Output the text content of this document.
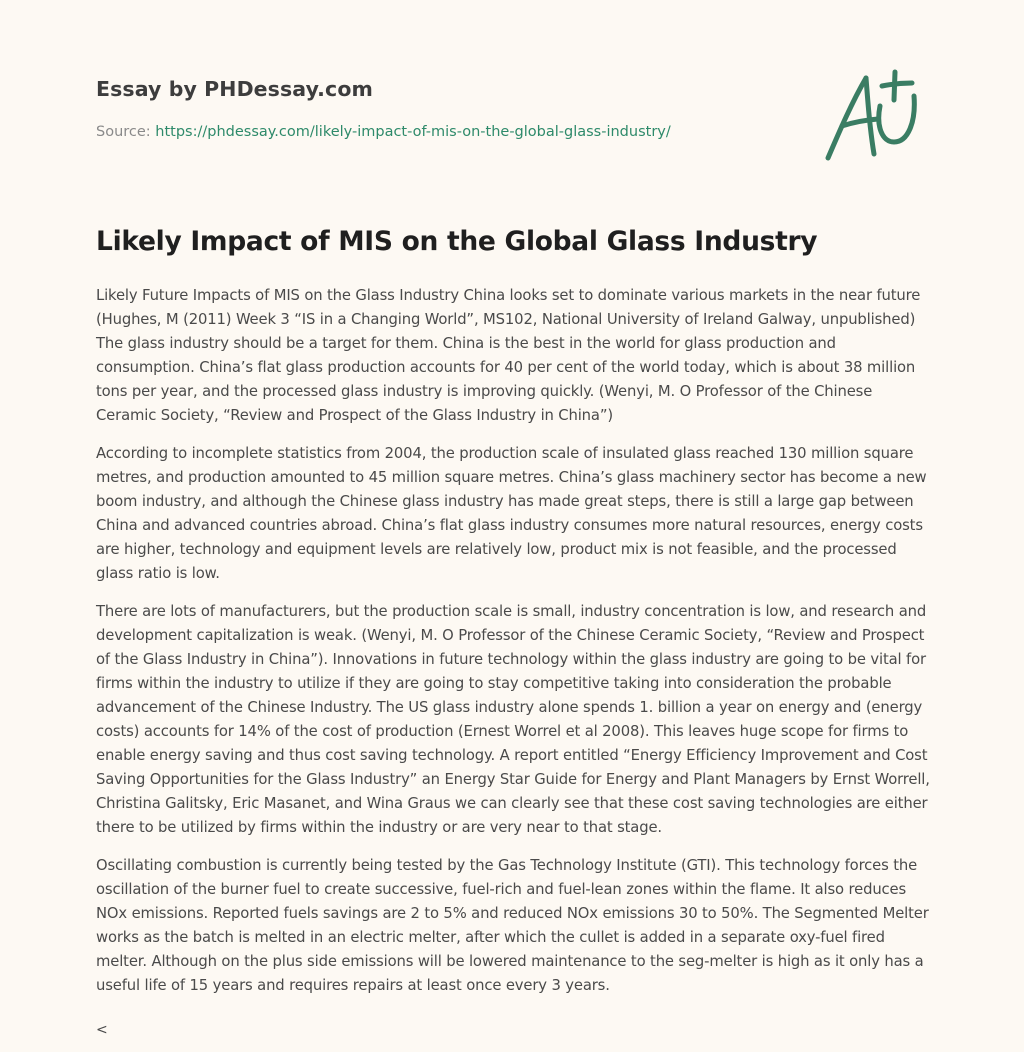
Essay by PHDessay.com
Source: https://phdessay.com/likely-impact-of-mis-on-the-global-glass-industry/
Likely Impact of MIS on the Global Glass Industry

Likely Future Impacts of MIS on the Glass Industry China looks set to dominate various markets in the near future (Hughes, M (2011) Week 3 “IS in a Changing World”, MS102, National University of Ireland Galway, unpublished) The glass industry should be a target for them. China is the best in the world for glass production and consumption. China’s flat glass production accounts for 40 per cent of the world today, which is about 38 million tons per year, and the processed glass industry is improving quickly. (Wenyi, M. O Professor of the Chinese Ceramic Society, “Review and Prospect of the Glass Industry in China”)

According to incomplete statistics from 2004, the production scale of insulated glass reached 130 million square metres, and production amounted to 45 million square metres. China’s glass machinery sector has become a new boom industry, and although the Chinese glass industry has made great steps, there is still a large gap between China and advanced countries abroad. China’s flat glass industry consumes more natural resources, energy costs are higher, technology and equipment levels are relatively low, product mix is not feasible, and the processed glass ratio is low.

There are lots of manufacturers, but the production scale is small, industry concentration is low, and research and development capitalization is weak. (Wenyi, M. O Professor of the Chinese Ceramic Society, “Review and Prospect of the Glass Industry in China”). Innovations in future technology within the glass industry are going to be vital for firms within the industry to utilize if they are going to stay competitive taking into consideration the probable advancement of the Chinese Industry. The US glass industry alone spends 1. billion a year on energy and (energy costs) accounts for 14% of the cost of production (Ernest Worrel et al 2008). This leaves huge scope for firms to enable energy saving and thus cost saving technology. A report entitled “Energy Efficiency Improvement and Cost Saving Opportunities for the Glass Industry” an Energy Star Guide for Energy and Plant Managers by Ernst Worrell, Christina Galitsky, Eric Masanet, and Wina Graus we can clearly see that these cost saving technologies are either there to be utilized by firms within the industry or are very near to that stage.

Oscillating combustion is currently being tested by the Gas Technology Institute (GTI). This technology forces the oscillation of the burner fuel to create successive, fuel-rich and fuel-lean zones within the flame. It also reduces NOx emissions. Reported fuels savings are 2 to 5% and reduced NOx emissions 30 to 50%. The Segmented Melter works as the batch is melted in an electric melter, after which the cullet is added in a separate oxy-fuel fired melter. Although on the plus side emissions will be lowered maintenance to the seg-melter is high as it only has a useful life of 15 years and requires repairs at least once every 3 years.

<
